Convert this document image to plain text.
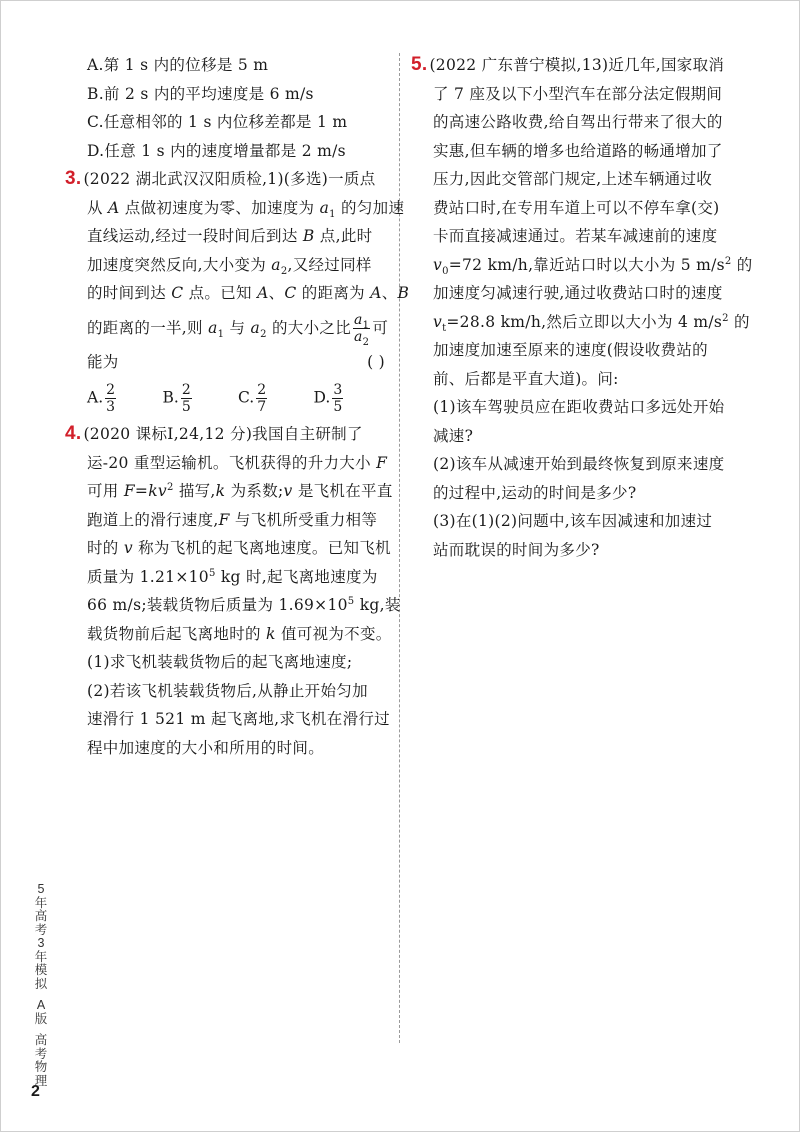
A.第 1 s 内的位移是 5 m
B.前 2 s 内的平均速度是 6 m/s
C.任意相邻的 1 s 内位移差都是 1 m
D.任意 1 s 内的速度增量都是 2 m/s
3. (2022 湖北武汉汉阳质检,1)(多选)一质点
从 A 点做初速度为零、加速度为 $a_1$ 的匀加速
直线运动,经过一段时间后到达 B 点,此时
加速度突然反向,大小变为 $a_2$,又经过同样
的时间到达 C 点。已知 A、C 的距离为 A、B
的距离的一半,则 $a_1$ 与 $a_2$ 的大小之比 $\frac{a_1}{a_2}$ 可
能为	( )
A. $\frac{2}{3}$	B. $\frac{2}{5}$	C. $\frac{2}{7}$	D. $\frac{3}{5}$
4. (2020 课标Ⅰ,24,12 分)我国自主研制了
运-20 重型运输机。飞机获得的升力大小 F
可用 $F=kv^2$ 描写,k 为系数;v 是飞机在平直
跑道上的滑行速度,F 与飞机所受重力相等
时的 v 称为飞机的起飞离地速度。已知飞机
质量为 $1.21\times 10^5$ kg 时,起飞离地速度为
66 m/s;装载货物后质量为 $1.69\times 10^5$ kg,装
载货物前后起飞离地时的 k 值可视为不变。
(1)求飞机装载货物后的起飞离地速度;
(2)若该飞机装载货物后,从静止开始匀加
速滑行 1 521 m 起飞离地,求飞机在滑行过
程中加速度的大小和所用的时间。
5. (2022 广东普宁模拟,13)近几年,国家取消
了 7 座及以下小型汽车在部分法定假期间
的高速公路收费,给自驾出行带来了很大的
实惠,但车辆的增多也给道路的畅通增加了
压力,因此交管部门规定,上述车辆通过收
费站口时,在专用车道上可以不停车拿(交)
卡而直接减速通过。若某车减速前的速度
$v_0=72$ km/h,靠近站口时以大小为 5 $m/s^2$ 的
加速度匀减速行驶,通过收费站口时的速度
$v_t=28.8$ km/h,然后立即以大小为 4 $m/s^2$ 的
加速度加速至原来的速度(假设收费站的
前、后都是平直大道)。问:
(1)该车驾驶员应在距收费站口多远处开始
减速?
(2)该车从减速开始到最终恢复到原来速度
的过程中,运动的时间是多少?
(3)在(1)(2)问题中,该车因减速和加速过
站而耽误的时间为多少?
5
年
高
考
3
年
模
拟
A
版
高
考
物
理
2
